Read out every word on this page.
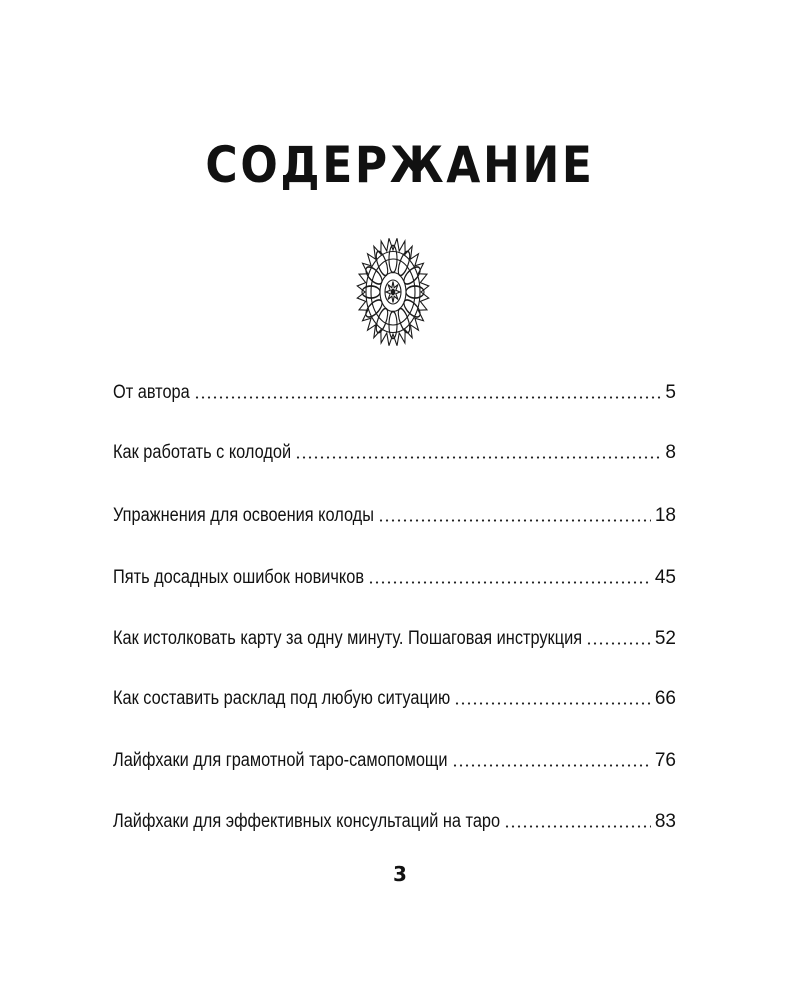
СОДЕРЖАНИЕ
От автора	5
Как работать с колодой	8
Упражнения для освоения колоды	18
Пять досадных ошибок новичков	45
Как истолковать карту за одну минуту. Пошаговая инструкция	52
Как составить расклад под любую ситуацию	66
Лайфхаки для грамотной таро-самопомощи	76
Лайфхаки для эффективных консультаций на таро	83
3
